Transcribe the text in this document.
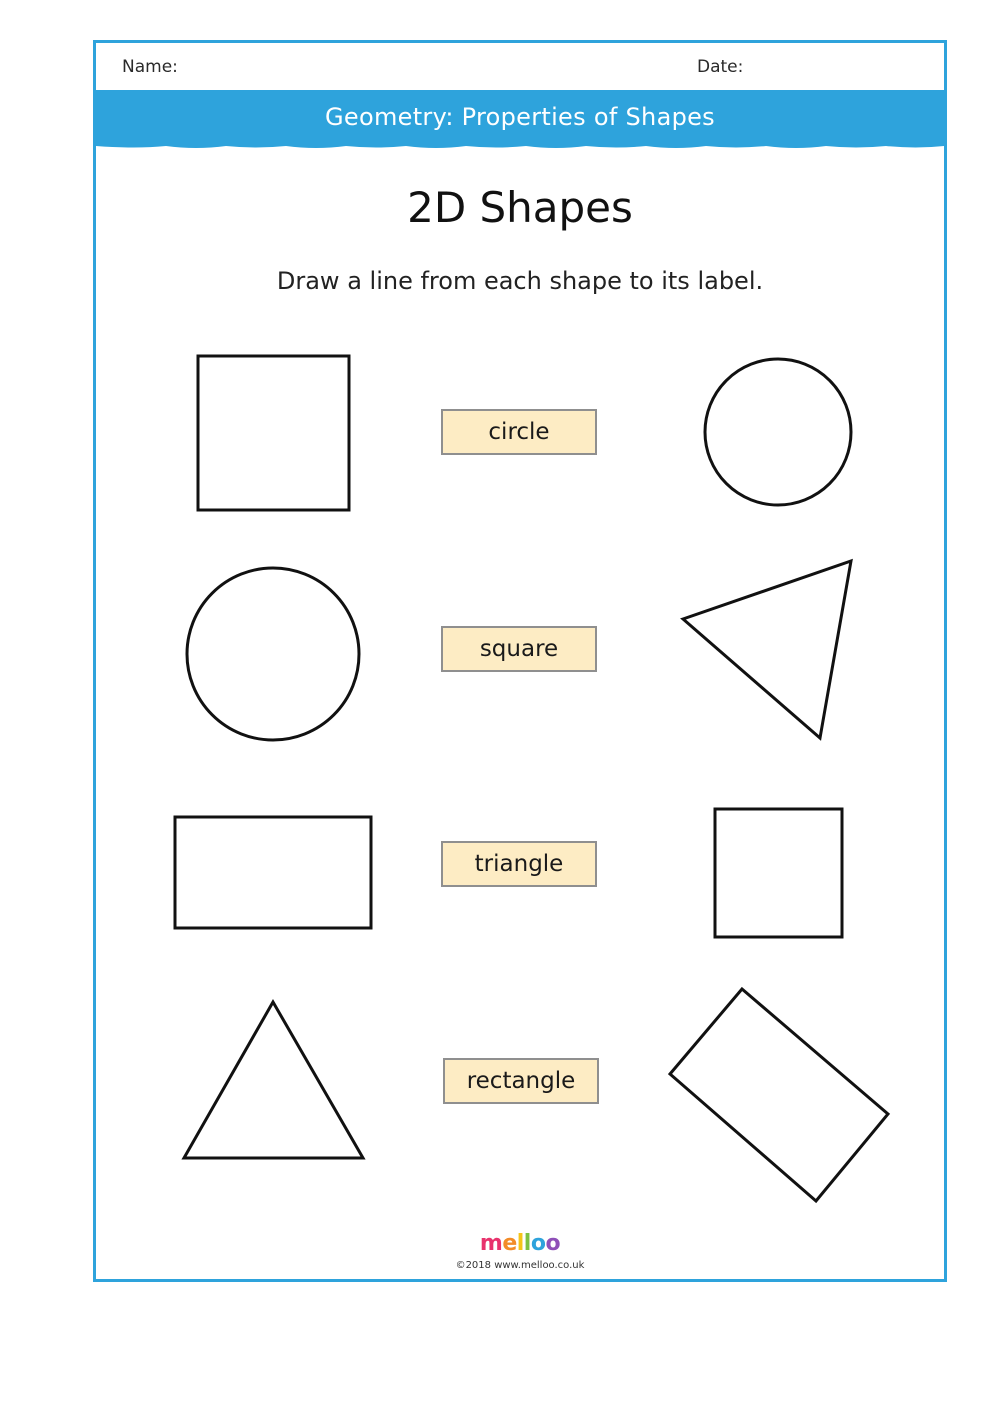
Name:	Date:
Geometry: Properties of Shapes
2D Shapes
Draw a line from each shape to its label.
circle
square
triangle
rectangle
melloo
©2018 www.melloo.co.uk
